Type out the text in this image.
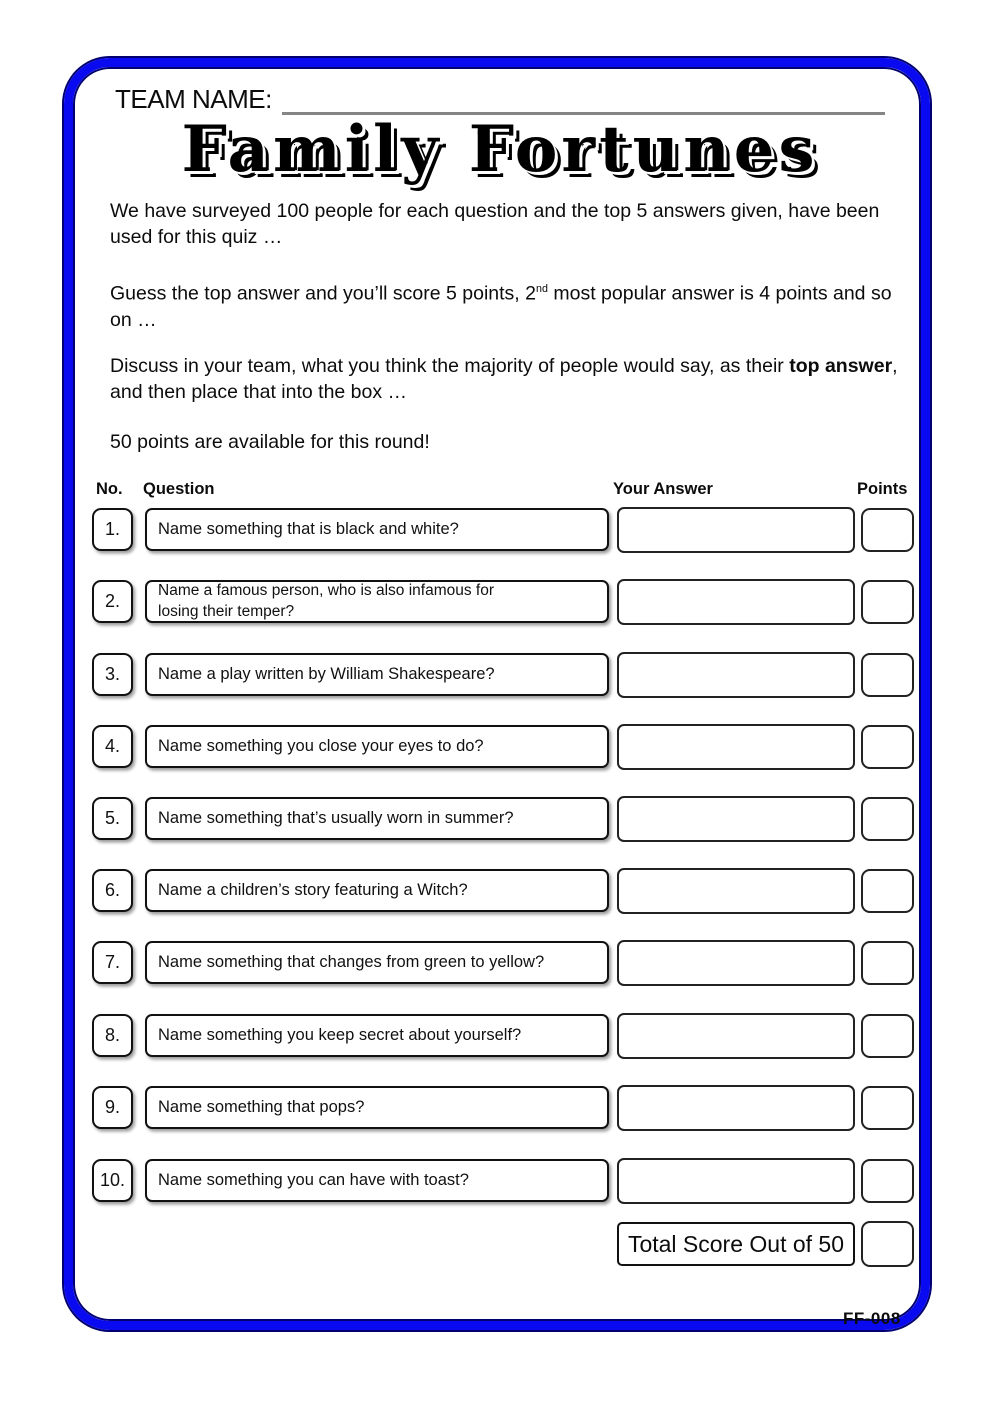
TEAM NAME:
Family Fortunes

We have surveyed 100 people for each question and the top 5 answers given, have been used for this quiz …

Guess the top answer and you’ll score 5 points, 2nd most popular answer is 4 points and so on …

Discuss in your team, what you think the majority of people would say, as their top answer, and then place that into the box …

50 points are available for this round!

No. Question	Your Answer	Points
1. Name something that is black and white?
2.
Name a famous person, who is also infamous for losing their temper?
3. Name a play written by William Shakespeare?
4. Name something you close your eyes to do?
5. Name something that’s usually worn in summer?
6. Name a children’s story featuring a Witch?
7. Name something that changes from green to yellow?
8. Name something you keep secret about yourself?
9. Name something that pops?
10. Name something you can have with toast?
Total Score Out of 50
FF-008
